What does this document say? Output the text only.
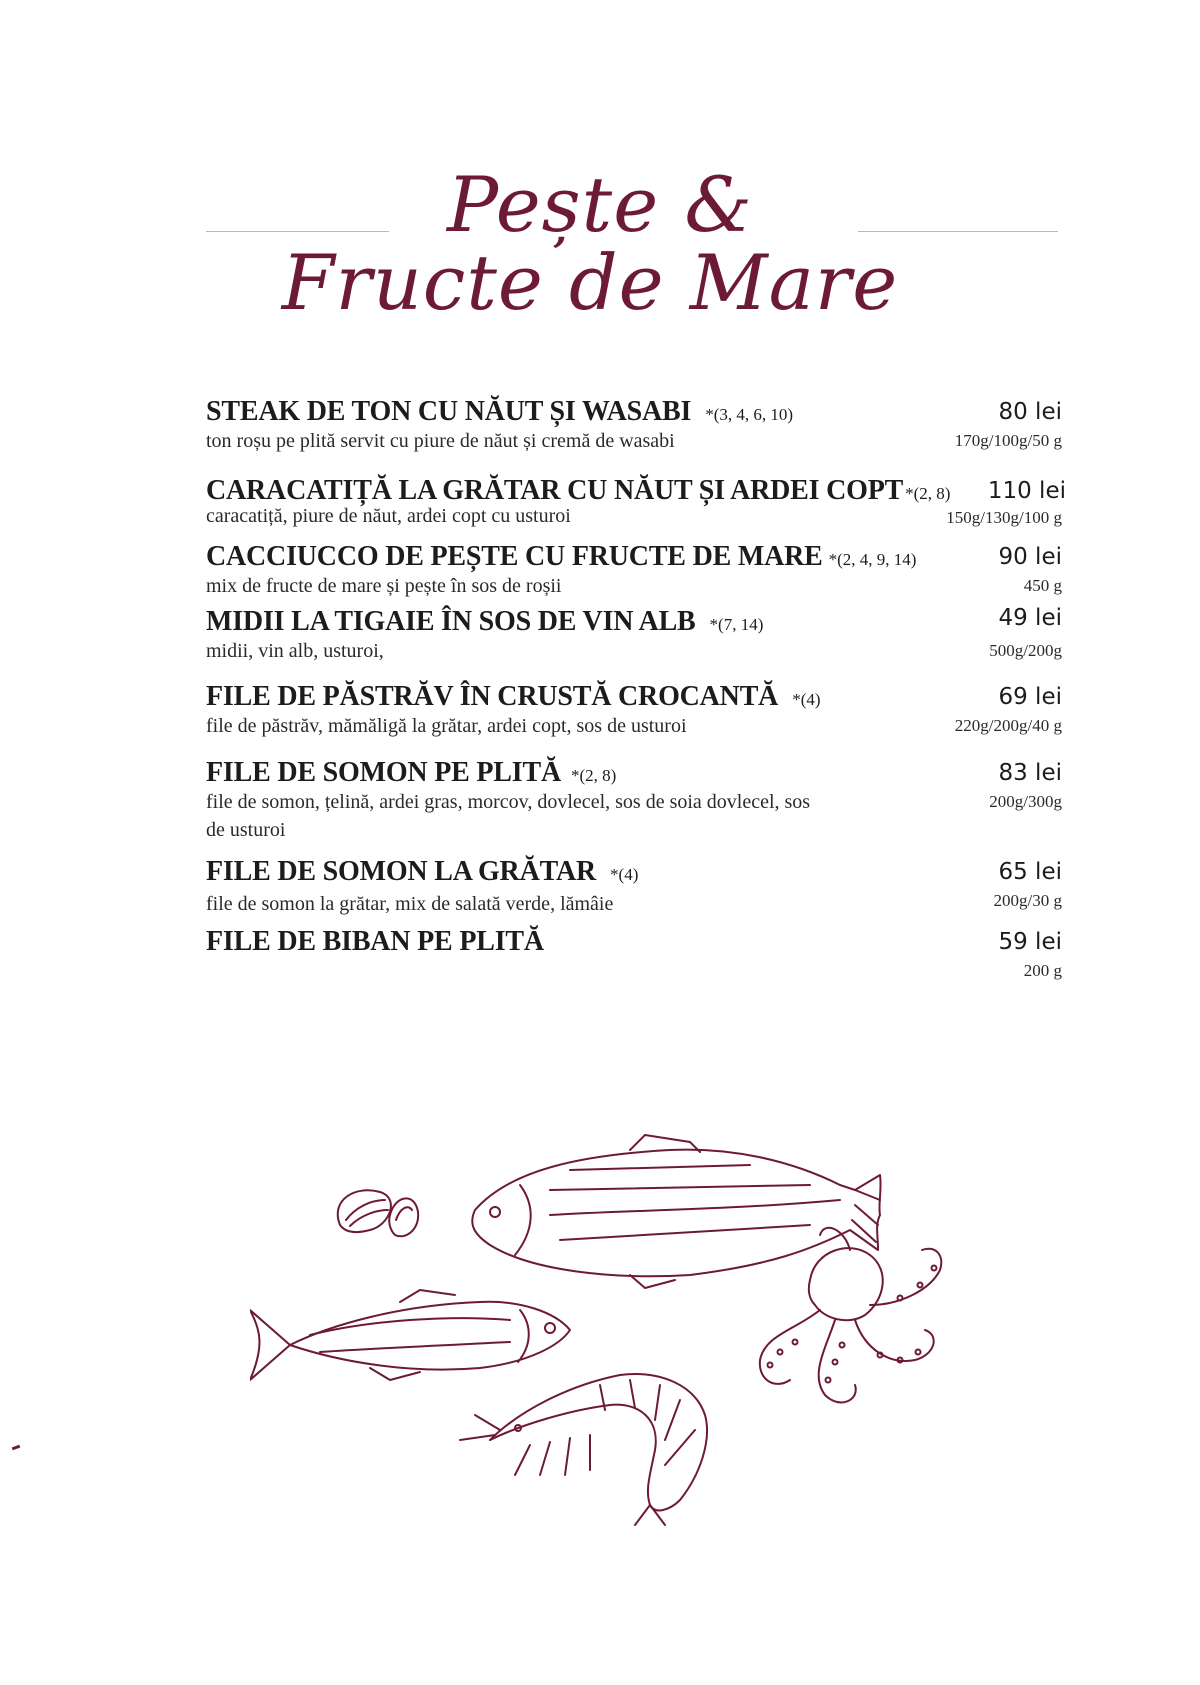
Pește &
Fructe de Mare
STEAK DE TON CU NĂUT ȘI WASABI *(3, 4, 6, 10)	80 lei
ton roșu pe plită servit cu piure de năut și cremă de wasabi	170g/100g/50 g
CARACATIȚĂ LA GRĂTAR CU NĂUT ȘI ARDEI COPT *(2, 8) 110 lei
caracatiță, piure de năut, ardei copt cu usturoi	150g/130g/100 g
CACCIUCCO DE PEȘTE CU FRUCTE DE MARE *(2, 4, 9, 14)	90 lei
mix de fructe de mare și pește în sos de roșii	450 g
MIDII LA TIGAIE ÎN SOS DE VIN ALB *(7, 14)	49 lei
midii, vin alb, usturoi,	500g/200g
FILE DE PĂSTRĂV ÎN CRUSTĂ CROCANTĂ *(4)	69 lei
file de păstrăv, mămăligă la grătar, ardei copt, sos de usturoi	220g/200g/40 g
FILE DE SOMON PE PLITĂ *(2, 8)	83 lei
file de somon, țelină, ardei gras, morcov, dovlecel, sos de soia dovlecel, sos de usturoi
200g/300g
FILE DE SOMON LA GRĂTAR *(4)	65 lei
file de somon la grătar, mix de salată verde, lămâie	200g/30 g
FILE DE BIBAN PE PLITĂ	59 lei
200 g
